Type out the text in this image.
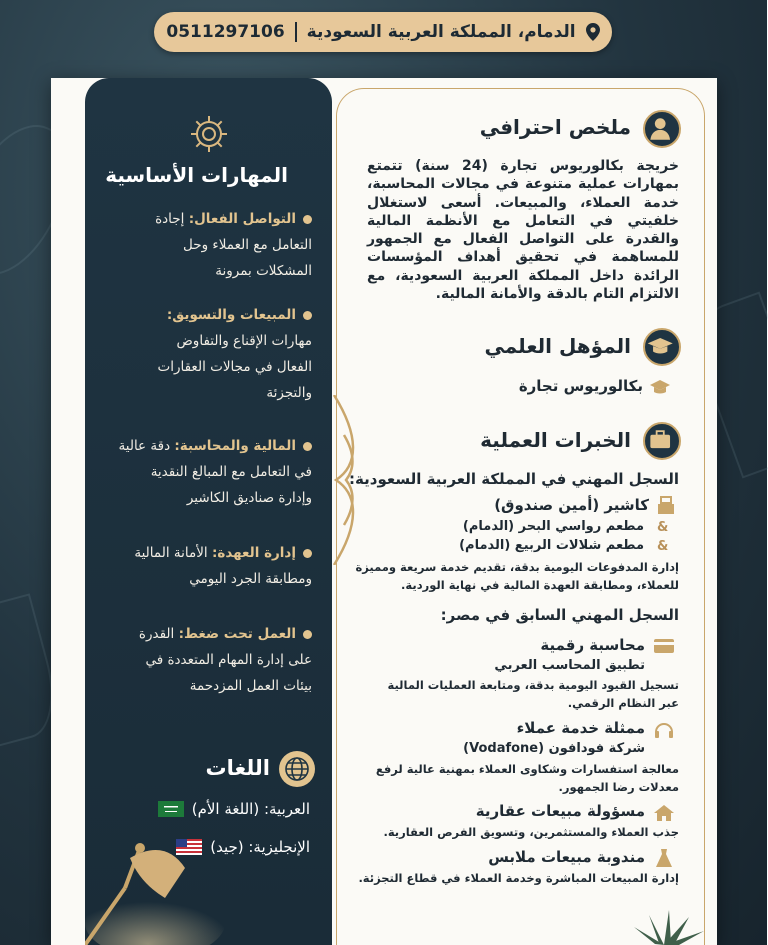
الدمام، المملكة العربية السعودية
0511297106
المهارات الأساسية
التواصل الفعال: إجادة
التعامل مع العملاء وحل
المشكلات بمرونة
المبيعات والتسويق:
مهارات الإقناع والتفاوض
الفعال في مجالات العقارات
والتجزئة
المالية والمحاسبة: دقة عالية
في التعامل مع المبالغ النقدية
وإدارة صناديق الكاشير
إدارة العهدة: الأمانة المالية
ومطابقة الجرد اليومي
العمل تحت ضغط: القدرة
على إدارة المهام المتعددة في
بيئات العمل المزدحمة
اللغات
العربية: (اللغة الأم)
الإنجليزية: (جيد)
ملخص احترافي
خريجة بكالوريوس تجارة (24 سنة) تتمتع بمهارات عملية متنوعة في مجالات المحاسبة، خدمة العملاء، والمبيعات. أسعى لاستغلال خلفيتي في التعامل مع الأنظمة المالية والقدرة على التواصل الفعال مع الجمهور للمساهمة في تحقيق أهداف المؤسسات الرائدة داخل المملكة العربية السعودية، مع الالتزام التام بالدقة والأمانة المالية.
المؤهل العلمي
بكالوريوس تجارة
الخبرات العملية
السجل المهني في المملكة العربية السعودية:
كاشير (أمين صندوق)
مطعم رواسي البحر (الدمام) &
مطعم شلالات الربيع (الدمام) &
إدارة المدفوعات اليومية بدقة، تقديم خدمة سريعة ومميزة
للعملاء، ومطابقة العهدة المالية في نهاية الوردية.
السجل المهني السابق في مصر:
محاسبة رقمية
تطبيق المحاسب العربي
تسجيل القيود اليومية بدقة، ومتابعة العمليات المالية
عبر النظام الرقمي.
ممثلة خدمة عملاء
شركة فودافون (Vodafone)
معالجة استفسارات وشكاوى العملاء بمهنية عالية لرفع
معدلات رضا الجمهور.
مسؤولة مبيعات عقارية
جذب العملاء والمستثمرين، وتسويق الفرص العقارية.
مندوبة مبيعات ملابس
إدارة المبيعات المباشرة وخدمة العملاء في قطاع التجزئة.
